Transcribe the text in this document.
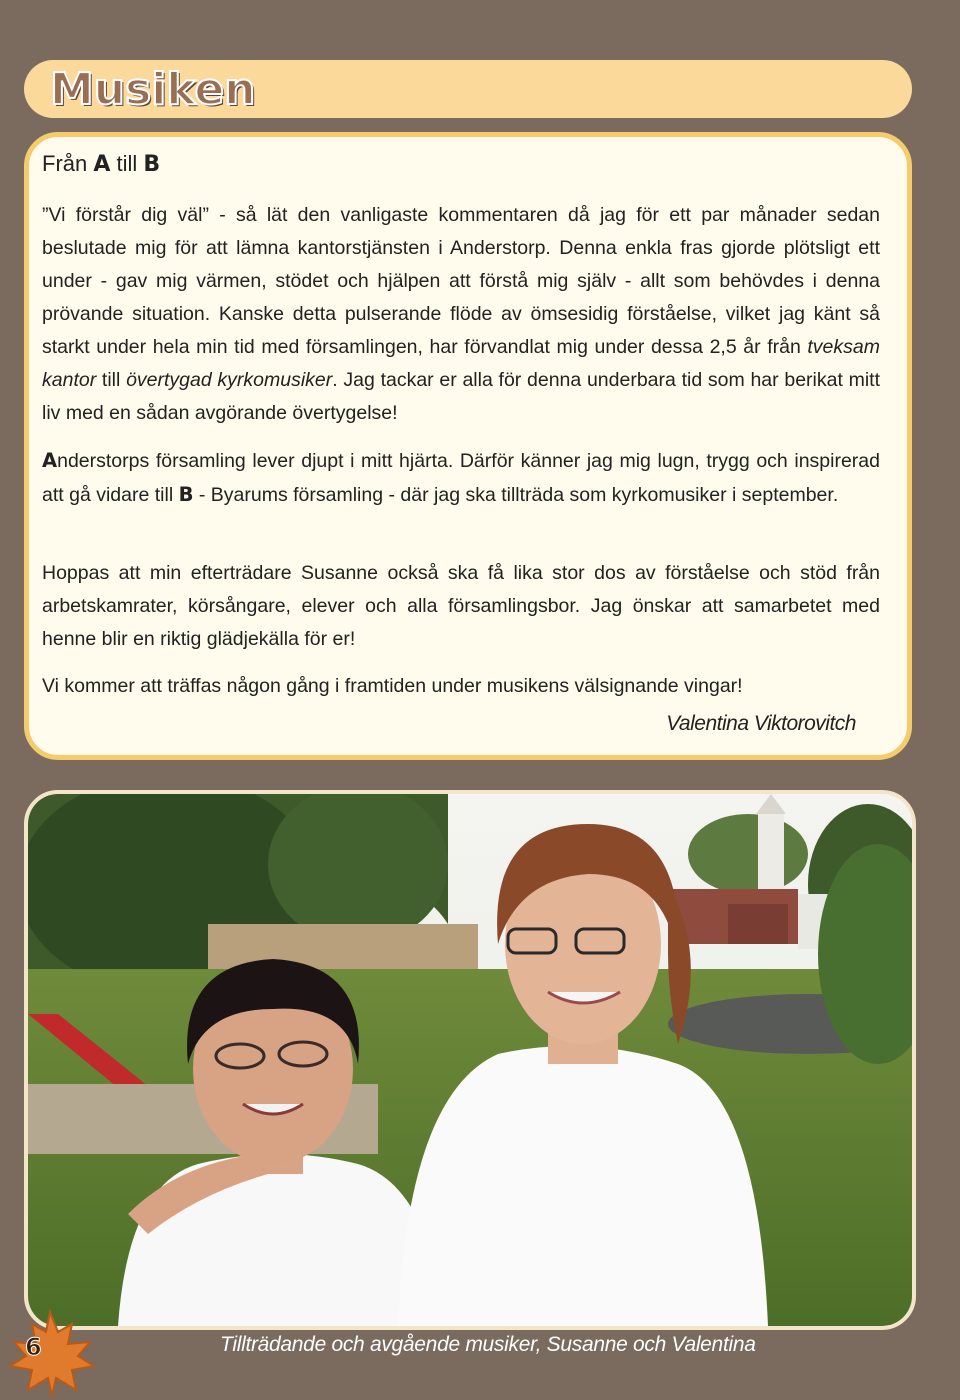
Musiken
Från A till B

”Vi förstår dig väl” - så lät den vanligaste kommentaren då jag för ett par månader sedan beslutade mig för att lämna kantorstjänsten i Anderstorp. Denna enkla fras gjorde plötsligt ett under - gav mig värmen, stödet och hjälpen att förstå mig själv - allt som behövdes i denna prövande situation. Kanske detta pulserande flöde av ömsesidig förståelse, vilket jag känt så starkt under hela min tid med församlingen, har förvandlat mig under dessa 2,5 år från tveksam kantor till övertygad kyrkomusiker. Jag tackar er alla för denna underbara tid som har berikat mitt liv med en sådan avgörande övertygelse!

Anderstorps församling lever djupt i mitt hjärta. Därför känner jag mig lugn, trygg och inspirerad att gå vidare till B - Byarums församling - där jag ska tillträda som kyrkomusiker i september.

Hoppas att min efterträdare Susanne också ska få lika stor dos av förståelse och stöd från arbetskamrater, körsångare, elever och alla församlingsbor. Jag önskar att samarbetet med henne blir en riktig glädjekälla för er!

Vi kommer att träffas någon gång i framtiden under musikens välsignande vingar!

Valentina Viktorovitch
6	Tillträdande och avgående musiker, Susanne och Valentina
